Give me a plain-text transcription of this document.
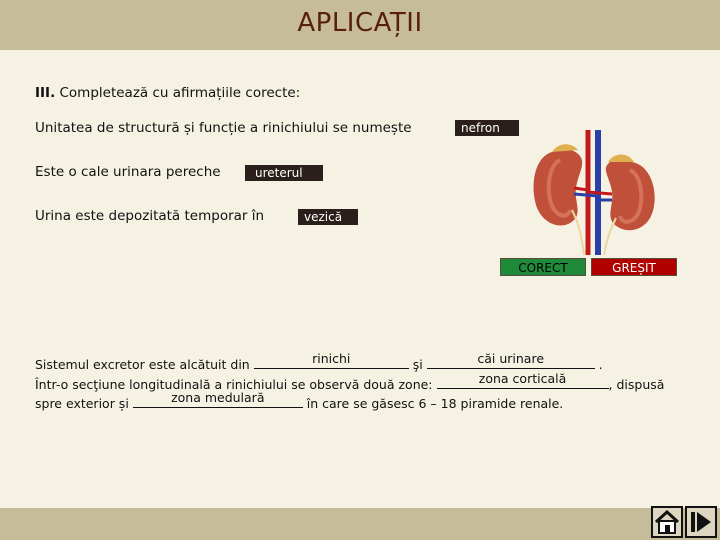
APLICAȚII
III. Completează cu afirmațiile corecte:
Unitatea de structură și funcție a rinichiului se numește	nefron
Este o cale urinara pereche	ureterul
Urina este depozitată temporar în	vezică
CORECT	GREȘIT
Sistemul excretor este alcătuit din	rinichi	şi	căi urinare	.
Într-o secţiune longitudinală a rinichiului se observă două zone:	zona corticală	, dispusă
spre exterior și	zona medulară	în care se găsesc 6 – 18 piramide renale.
